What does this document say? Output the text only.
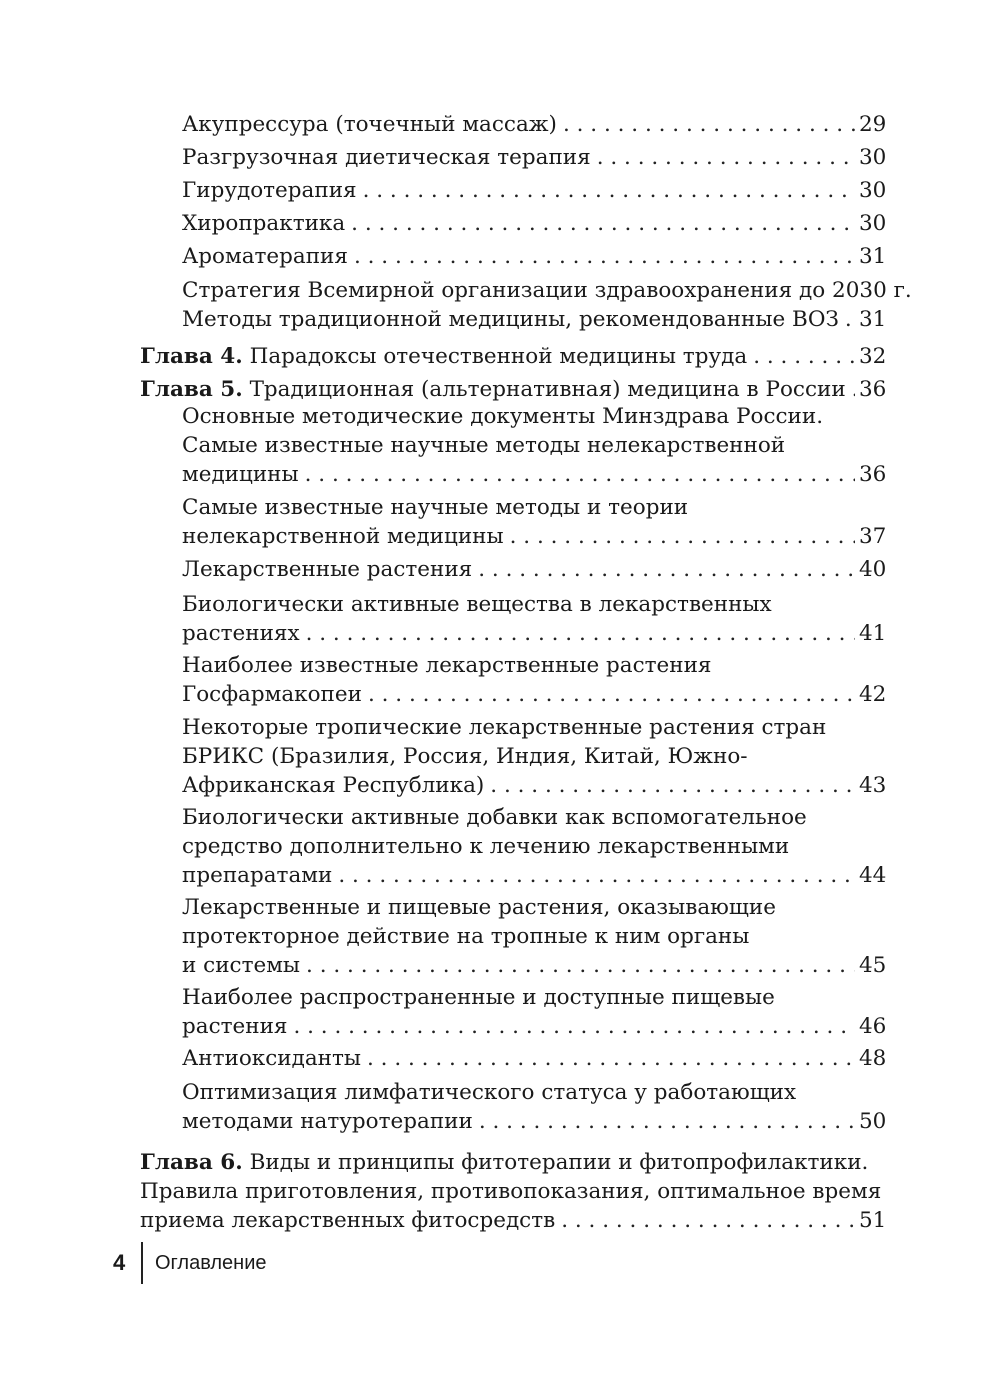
Акупрессура (точечный массаж) . . .	29
Разгрузочная диетическая терапия . . .	30
Гирудотерапия . . .	30
Хиропрактика . . .	30
Ароматерапия . . .	31
Стратегия Всемирной организации здравоохранения до 2030 г.
Методы традиционной медицины, рекомендованные ВОЗ . . . 31
Глава 4. Парадоксы отечественной медицины труда . . .	32
Глава 5. Традиционная (альтернативная) медицина в России . . . 36
Основные методические документы Минздрава России.
Самые известные научные методы нелекарственной
медицины . . .	36
Самые известные научные методы и теории
нелекарственной медицины . . .	37
Лекарственные растения . . .	40
Биологически активные вещества в лекарственных
растениях . . .	41
Наиболее известные лекарственные растения
Госфармакопеи . . .	42
Некоторые тропические лекарственные растения стран
БРИКС (Бразилия, Россия, Индия, Китай, Южно-
Африканская Республика) . . .	43
Биологически активные добавки как вспомогательное
средство дополнительно к лечению лекарственными
препаратами . . .	44
Лекарственные и пищевые растения, оказывающие
протекторное действие на тропные к ним органы
и системы . . .	45
Наиболее распространенные и доступные пищевые
растения . . .	46
Антиоксиданты . . .	48
Оптимизация лимфатического статуса у работающих
методами натуротерапии . . .	50
Глава 6. Виды и принципы фитотерапии и фитопрофилактики.
Правила приготовления, противопоказания, оптимальное время
приема лекарственных фитосредств . . .	51
4	Оглавление
